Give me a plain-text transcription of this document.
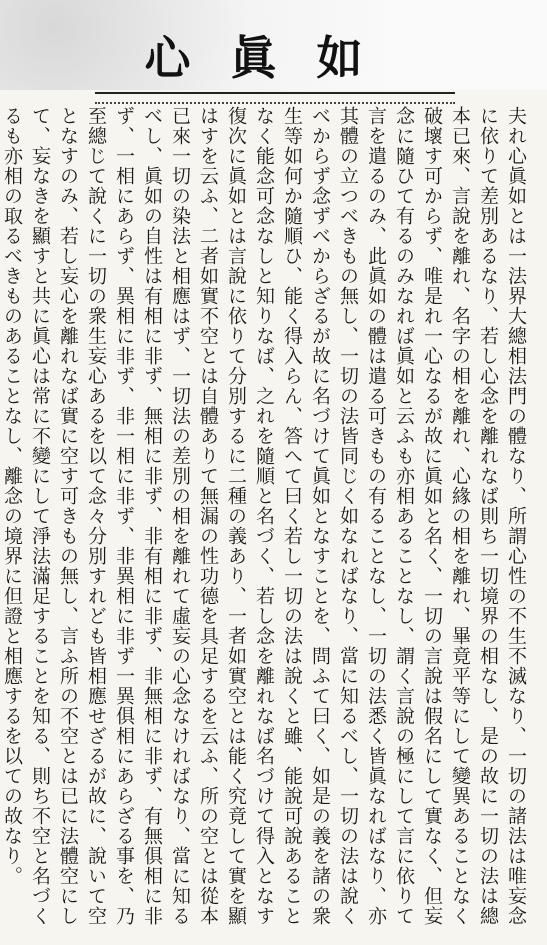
心眞如

夫れ心眞如とは一法界大總相法門の體なり、所謂心性の不生不滅なり、一切の諸法は唯妄念に依りて差別あるなり、若し心念を離れなば則ち一切境界の相なし、是の故に一切の法は總本已來、言說を離れ、名字の相を離れ、心緣の相を離れ、畢竟平等にして變異あることなく破壞す可からず、唯是れ一心なるが故に眞如と名く、一切の言說は假名にして實なく、但妄念に隨ひて有るのみなれば眞如と云ふも亦相あることなし、謂く言說の極にして言に依りて言を遣るのみ、此眞如の體は遣る可きもの有ることなし、一切の法悉く皆眞なればなり、亦其體の立つべきもの無し、一切の法皆同じく如なればなり、當に知るべし、一切の法は說くべからず念ずべからざるが故に名づけて眞如となすことを、問ふて曰く、如是の義を諸の衆生等如何か隨順ひ、能く得入らん、答へて曰く若し一切の法は說くと雖、能說可說あることなく能念可念なしと知りなば、之れを隨順と名づく、若し念を離れなば名づけて得入となす復次に眞如とは言說に依りて分別するに二種の義あり、一者如實空とは能く究竟して實を顯はすを云ふ、二者如實不空とは自體ありて無漏の性功德を具足するを云ふ、所の空とは從本已來一切の染法と相應はず、一切法の差別の相を離れて虛妄の心念なければなり、當に知るべし、眞如の自性は有相に非ず、無相に非ず、非有相に非ず、非無相に非ず、有無俱相に非ず、一相にあらず、異相に非ず、非一相に非ず、非異相に非ず一異俱相にあらざる事を、乃至總じて說くに一切の衆生妄心あるを以て念々分別すれども皆相應せざるが故に、說いて空となすのみ、若し妄心を離れなば實に空す可きもの無し、言ふ所の不空とは已に法體空にして、妄なきを顯すと共に眞心は常に不變にして淨法滿足することを知る、則ち不空と名づくるも亦相の取るべきものあることなし、離念の境界に但證と相應するを以ての故なり。
